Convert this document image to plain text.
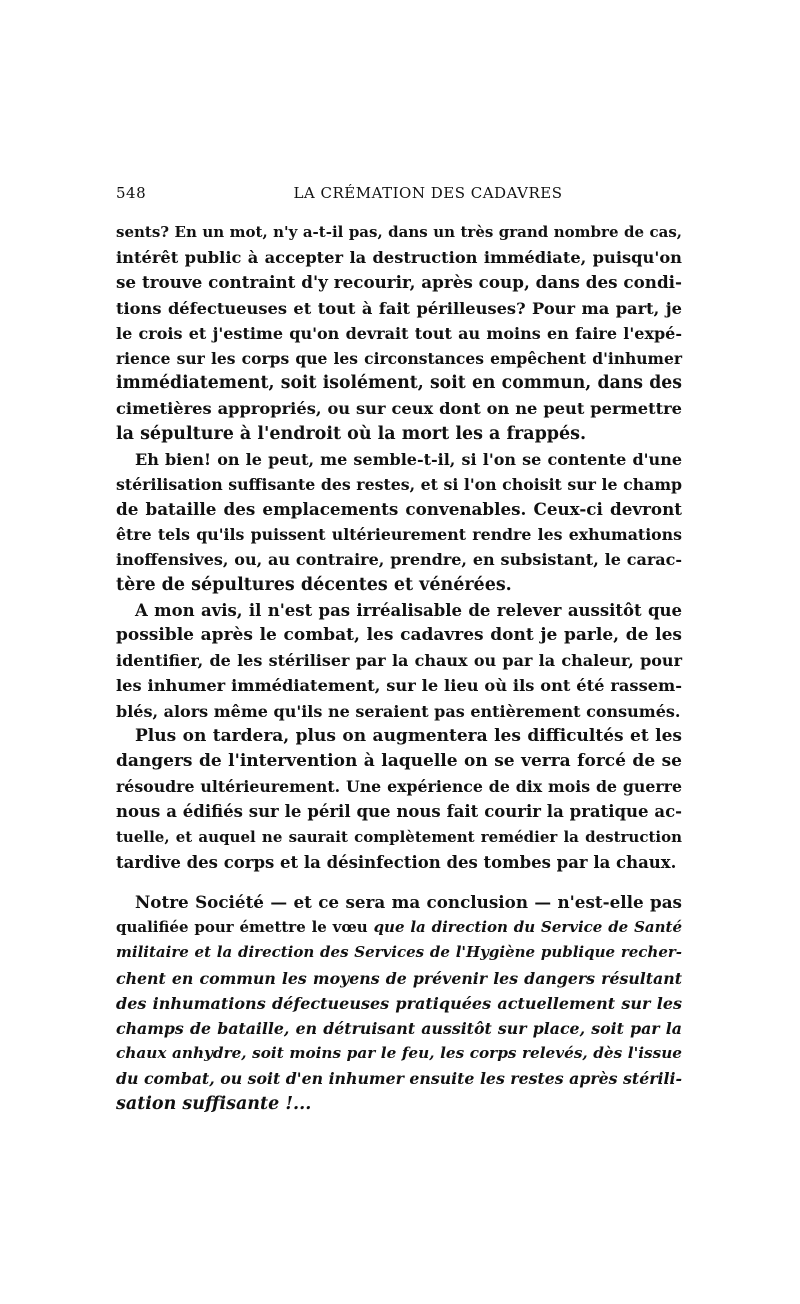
548	LA CRÉMATION DES CADAVRES
sents? En un mot, n'y a-t-il pas, dans un très grand nombre de cas,
intérêt public à accepter la destruction immédiate, puisqu'on
se trouve contraint d'y recourir, après coup, dans des condi-
tions défectueuses et tout à fait périlleuses? Pour ma part, je
le crois et j'estime qu'on devrait tout au moins en faire l'expé-
rience sur les corps que les circonstances empêchent d'inhumer
immédiatement, soit isolément, soit en commun, dans des
cimetières appropriés, ou sur ceux dont on ne peut permettre
la sépulture à l'endroit où la mort les a frappés.
Eh bien! on le peut, me semble-t-il, si l'on se contente d'une
stérilisation suffisante des restes, et si l'on choisit sur le champ
de bataille des emplacements convenables. Ceux-ci devront
être tels qu'ils puissent ultérieurement rendre les exhumations
inoffensives, ou, au contraire, prendre, en subsistant, le carac-
tère de sépultures décentes et vénérées.
A mon avis, il n'est pas irréalisable de relever aussitôt que
possible après le combat, les cadavres dont je parle, de les
identifier, de les stériliser par la chaux ou par la chaleur, pour
les inhumer immédiatement, sur le lieu où ils ont été rassem-
blés, alors même qu'ils ne seraient pas entièrement consumés.
Plus on tardera, plus on augmentera les difficultés et les
dangers de l'intervention à laquelle on se verra forcé de se
résoudre ultérieurement. Une expérience de dix mois de guerre
nous a édifiés sur le péril que nous fait courir la pratique ac-
tuelle, et auquel ne saurait complètement remédier la destruction
tardive des corps et la désinfection des tombes par la chaux.
Notre Société — et ce sera ma conclusion — n'est-elle pas
qualifiée pour émettre le vœu que la direction du Service de Santé
militaire et la direction des Services de l'Hygiène publique recher-
chent en commun les moyens de prévenir les dangers résultant
des inhumations défectueuses pratiquées actuellement sur les
champs de bataille, en détruisant aussitôt sur place, soit par la
chaux anhydre, soit moins par le feu, les corps relevés, dès l'issue
du combat, ou soit d'en inhumer ensuite les restes après stérili-
sation suffisante !...
